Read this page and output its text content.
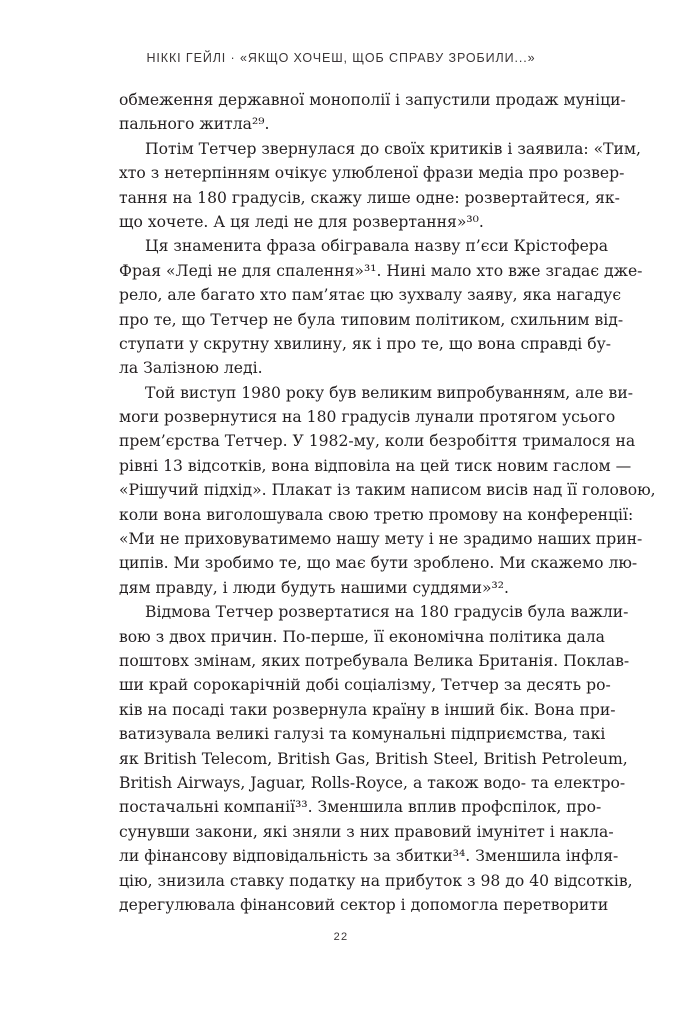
НІККІ ГЕЙЛІ · «ЯКЩО ХОЧЕШ, ЩОБ СПРАВУ ЗРОБИЛИ...»
обмеження державної монополії і запустили продаж муніци-
пального житла²⁹.
Потім Тетчер звернулася до своїх критиків і заявила: «Тим,
хто з нетерпінням очікує улюбленої фрази медіа про розвер-
тання на 180 градусів, скажу лише одне: розвертайтеся, як-
що хочете. А ця леді не для розвертання»³⁰.
Ця знаменита фраза обігравала назву п’єси Крістофера
Фрая «Леді не для спалення»³¹. Нині мало хто вже згадає дже-
рело, але багато хто пам’ятає цю зухвалу заяву, яка нагадує
про те, що Тетчер не була типовим політиком, схильним від-
ступати у скрутну хвилину, як і про те, що вона справді бу-
ла Залізною леді.
Той виступ 1980 року був великим випробуванням, але ви-
моги розвернутися на 180 градусів лунали протягом усього
прем’єрства Тетчер. У 1982-му, коли безробіття трималося на
рівні 13 відсотків, вона відповіла на цей тиск новим гаслом —
«Рішучий підхід». Плакат із таким написом висів над її головою,
коли вона виголошувала свою третю промову на конференції:
«Ми не приховуватимемо нашу мету і не зрадимо наших прин-
ципів. Ми зробимо те, що має бути зроблено. Ми скажемо лю-
дям правду, і люди будуть нашими суддями»³².
Відмова Тетчер розвертатися на 180 градусів була важли-
вою з двох причин. По-перше, її економічна політика дала
поштовх змінам, яких потребувала Велика Британія. Поклав-
ши край сорокарічній добі соціалізму, Тетчер за десять ро-
ків на посаді таки розвернула країну в інший бік. Вона при-
ватизувала великі галузі та комунальні підприємства, такі
як British Telecom, British Gas, British Steel, British Petroleum,
British Airways, Jaguar, Rolls-Royce, а також водо- та електро-
постачальні компанії³³. Зменшила вплив профспілок, про-
сунувши закони, які зняли з них правовий імунітет і накла-
ли фінансову відповідальність за збитки³⁴. Зменшила інфля-
цію, знизила ставку податку на прибуток з 98 до 40 відсотків,
дерегулювала фінансовий сектор і допомогла перетворити
22
